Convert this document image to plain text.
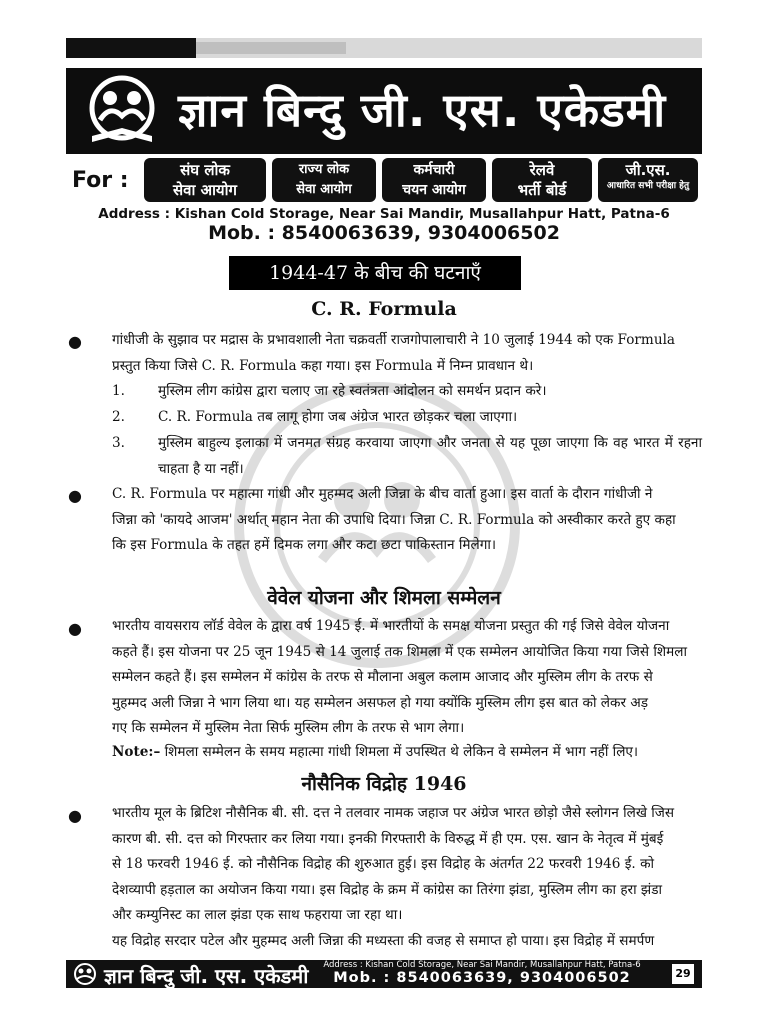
ज्ञान बिन्दु जी. एस. एकेडमी
For :	संघ लोक
सेवा आयोग
राज्य लोक
सेवा आयोग
कर्मचारी
चयन आयोग
रेलवे
भर्ती बोर्ड
जी.एस.
आधारित सभी परीक्षा हेतु
Address : Kishan Cold Storage, Near Sai Mandir, Musallahpur Hatt, Patna-6
Mob. : 8540063639, 9304006502
1944-47 के बीच की घटनाएँ
C. R. Formula
● गांधीजी के सुझाव पर मद्रास के प्रभावशाली नेता चक्रवर्ती राजगोपालाचारी ने 10 जुलाई 1944 को एक Formula

प्रस्तुत किया जिसे C. R. Formula कहा गया। इस Formula में निम्न प्रावधान थे।

1. मुस्लिम लीग कांग्रेस द्वारा चलाए जा रहे स्वतंत्रता आंदोलन को समर्थन प्रदान करे।
2. C. R. Formula तब लागू होगा जब अंग्रेज भारत छोड़कर चला जाएगा।
3. मुस्लिम बाहुल्य इलाका में जनमत संग्रह करवाया जाएगा और जनता से यह पूछा जाएगा कि वह भारत में रहना चाहता है या नहीं।
● C. R. Formula पर महात्मा गांधी और मुहम्मद अली जिन्ना के बीच वार्ता हुआ। इस वार्ता के दौरान गांधीजी ने

जिन्ना को 'कायदे आजम' अर्थात् महान नेता की उपाधि दिया। जिन्ना C. R. Formula को अस्वीकार करते हुए कहा

कि इस Formula के तहत हमें दिमक लगा और कटा छटा पाकिस्तान मिलेगा।

वेवेल योजना और शिमला सम्मेलन
● भारतीय वायसराय लॉर्ड वेवेल के द्वारा वर्ष 1945 ई. में भारतीयों के समक्ष योजना प्रस्तुत की गई जिसे वेवेल योजना

कहते हैं। इस योजना पर 25 जून 1945 से 14 जुलाई तक शिमला में एक सम्मेलन आयोजित किया गया जिसे शिमला

सम्मेलन कहते हैं। इस सम्मेलन में कांग्रेस के तरफ से मौलाना अबुल कलाम आजाद और मुस्लिम लीग के तरफ से

मुहम्मद अली जिन्ना ने भाग लिया था। यह सम्मेलन असफल हो गया क्योंकि मुस्लिम लीग इस बात को लेकर अड़

गए कि सम्मेलन में मुस्लिम नेता सिर्फ मुस्लिम लीग के तरफ से भाग लेगा।

Note:– शिमला सम्मेलन के समय महात्मा गांधी शिमला में उपस्थित थे लेकिन वे सम्मेलन में भाग नहीं लिए।
नौसैनिक विद्रोह 1946
● भारतीय मूल के ब्रिटिश नौसैनिक बी. सी. दत्त ने तलवार नामक जहाज पर अंग्रेज भारत छोड़ो जैसे स्लोगन लिखे जिस

कारण बी. सी. दत्त को गिरफ्तार कर लिया गया। इनकी गिरफ्तारी के विरुद्ध में ही एम. एस. खान के नेतृत्व में मुंबई

से 18 फरवरी 1946 ई. को नौसैनिक विद्रोह की शुरुआत हुई। इस विद्रोह के अंतर्गत 22 फरवरी 1946 ई. को

देशव्यापी हड़ताल का अयोजन किया गया। इस विद्रोह के क्रम में कांग्रेस का तिरंगा झंडा, मुस्लिम लीग का हरा झंडा

और कम्युनिस्ट का लाल झंडा एक साथ फहराया जा रहा था।

यह विद्रोह सरदार पटेल और मुहम्मद अली जिन्ना की मध्यस्ता की वजह से समाप्त हो पाया। इस विद्रोह में समर्पण

ज्ञान बिन्दु जी. एस. एकेडमी	Address : Kishan Cold Storage, Near Sai Mandir, Musallahpur Hatt, Patna-6
Mob. : 8540063639, 9304006502	29
